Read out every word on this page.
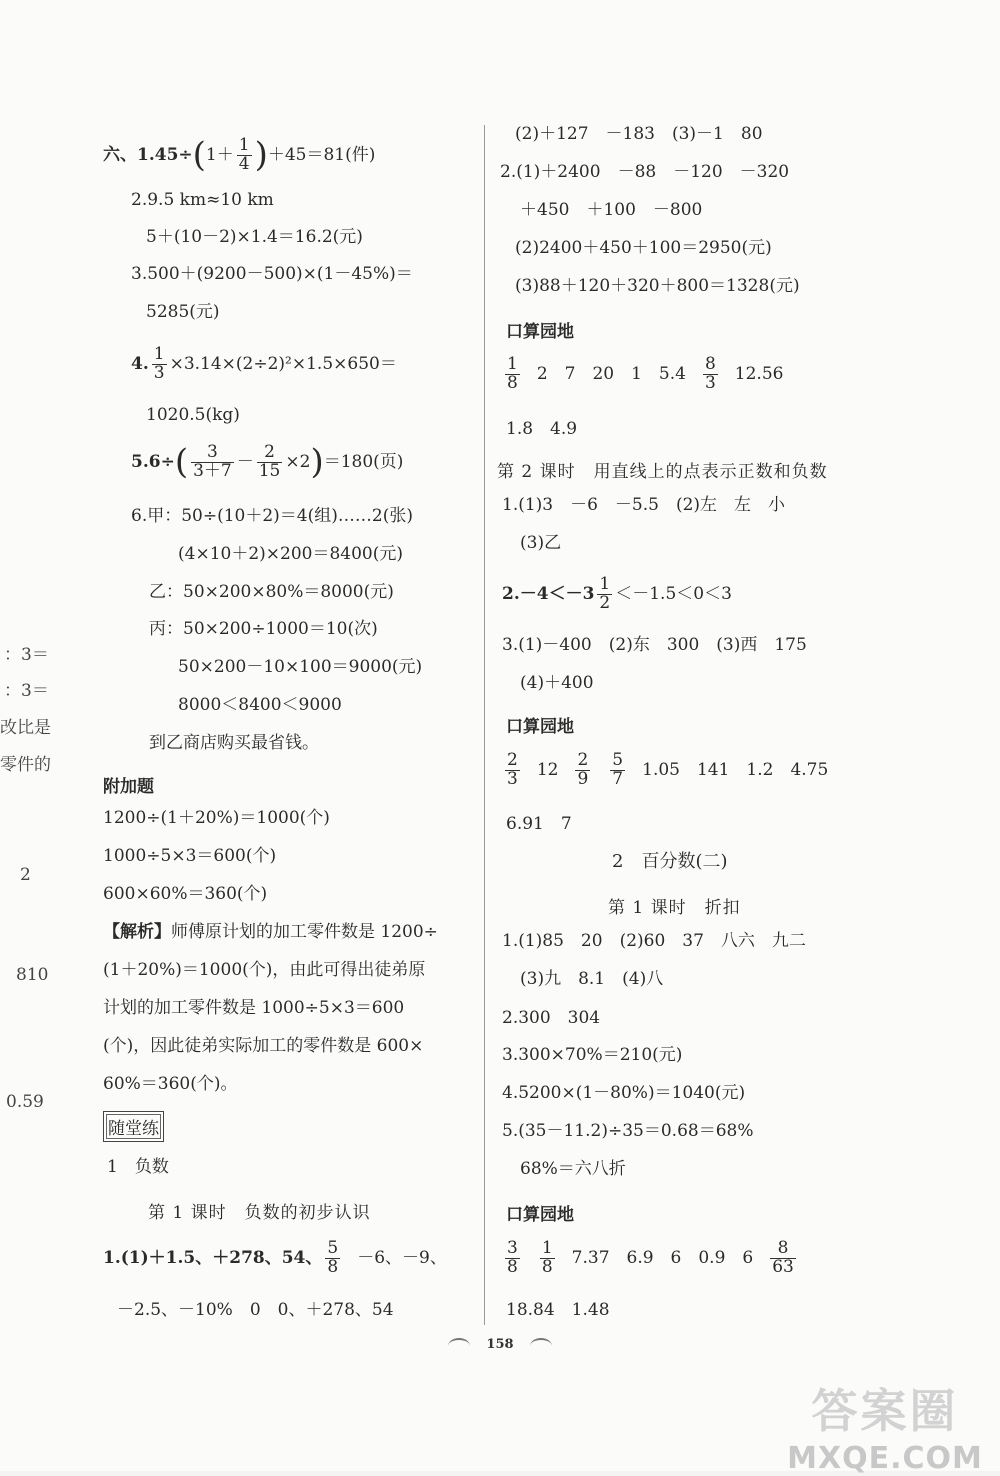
：3＝
：3＝
改比是
零件的
2
810
0.59
六、$1.45\div(1+ \frac{1}{4} )+45=81$(件)
2.9.5 km≈10 km
5＋(10－2)×1.4＝16.2(元)
3.500＋(9200－500)×(1－45%)＝
5285(元)
4. $\frac{1}{3} \times 3.14\times(2\div 2)^2\times 1.5\times 650=$
1020.5(kg)
$5.6\div( \frac{3}{3+7} - \frac{2}{15} \times 2)=180$(页)
6.甲：50÷(10＋2)＝4(组)……2(张)
(4×10＋2)×200＝8400(元)
乙：50×200×80%＝8000(元)
丙：50×200÷1000＝10(次)
50×200－10×100＝9000(元)
8000＜8400＜9000
到乙商店购买最省钱。
附加题
1200÷(1＋20%)＝1000(个)
1000÷5×3＝600(个)
600×60%＝360(个)
【解析】师傅原计划的加工零件数是 1200÷
(1＋20%)＝1000(个)，由此可得出徒弟原
计划的加工零件数是 1000÷5×3＝600
(个)，因此徒弟实际加工的零件数是 600×
60%＝360(个)。
随堂练
1　负数
第 1 课时　负数的初步认识
1.(1)＋1.5、＋278、54、 $\frac{5}{8} -6$、－9、
－2.5、－10%　0　0、＋278、54
(2)＋127　－183　(3)－1　80
2.(1)＋2400　－88　－120　－320
＋450　＋100　－800
(2)2400＋450＋100＝2950(元)
(3)88＋120＋320＋800＝1328(元)
口算园地
$\frac{1}{8} 2$　7　20　1　$5.4 \frac{8}{3} 12.56$
1.8　4.9
第 2 课时　用直线上的点表示正数和负数
1.(1)3　－6　－5.5　(2)左　左　小
(3)乙
$2.-4<-3 \frac{1}{2} <-1.5<0<3$
3.(1)－400　(2)东　300　(3)西　175
(4)＋400
口算园地
$\frac{2}{3} 12 \frac{2}{9} \frac{5}{7} 1.05$　141　1.2　4.75
6.91　7
2　百分数(二)
第 1 课时　折扣
1.(1)85　20　(2)60　37　八六　九二
(3)九　8.1　(4)八
2.300　304
3.300×70%＝210(元)
4.5200×(1－80%)＝1040(元)
5.(35－11.2)÷35＝0.68＝68%
68%＝六八折
口算园地
$\frac{3}{8} \frac{1}{8} 7.37$　6.9　6　0.9　$6 \frac{8}{63}$
18.84　1.48
158
答案圈
MXQE.COM
